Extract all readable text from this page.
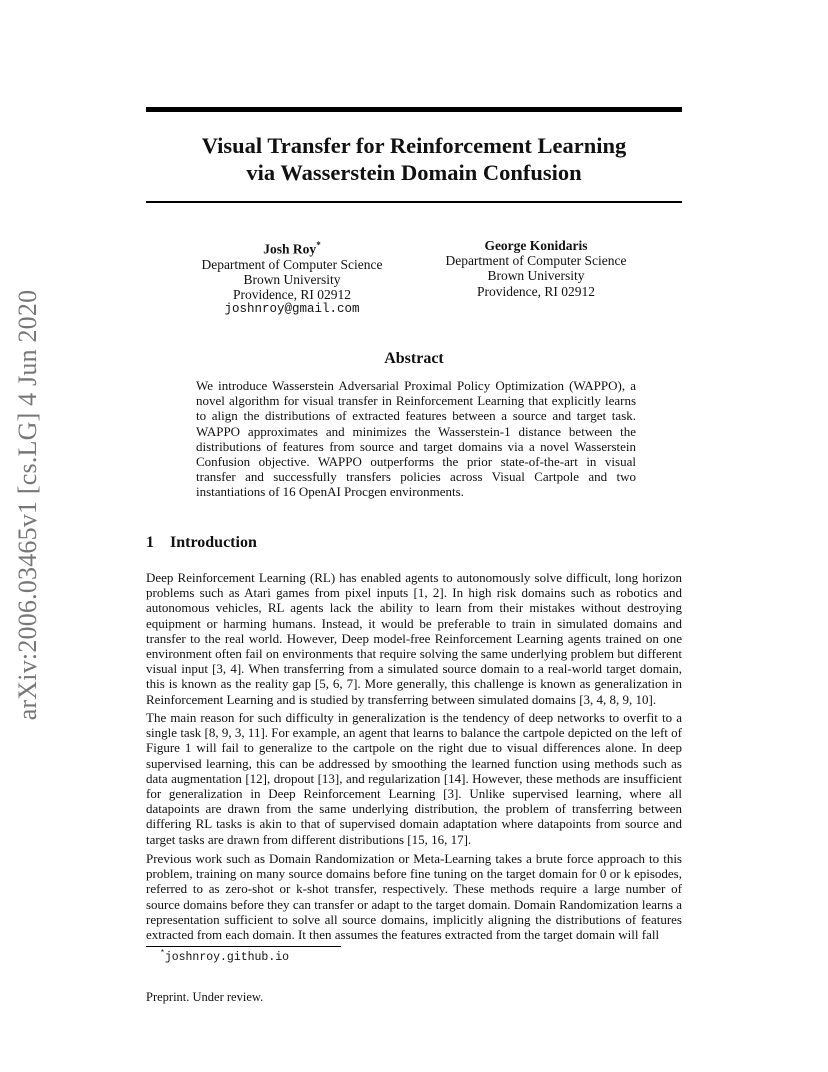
arXiv:2006.03465v1 [cs.LG] 4 Jun 2020
Visual Transfer for Reinforcement Learning
via Wasserstein Domain Confusion
Josh Roy*
Department of Computer Science
Brown University
Providence, RI 02912
joshnroy@gmail.com
George Konidaris
Department of Computer Science
Brown University
Providence, RI 02912
Abstract
We introduce Wasserstein Adversarial Proximal Policy Optimization (WAPPO), a novel algorithm for visual transfer in Reinforcement Learning that explicitly learns to align the distributions of extracted features between a source and target task. WAPPO approximates and minimizes the Wasserstein-1 distance between the distributions of features from source and target domains via a novel Wasserstein Confusion objective. WAPPO outperforms the prior state-of-the-art in visual transfer and successfully transfers policies across Visual Cartpole and two instantiations of 16 OpenAI Procgen environments.
1 Introduction
Deep Reinforcement Learning (RL) has enabled agents to autonomously solve difficult, long horizon problems such as Atari games from pixel inputs [1, 2]. In high risk domains such as robotics and autonomous vehicles, RL agents lack the ability to learn from their mistakes without destroying equipment or harming humans. Instead, it would be preferable to train in simulated domains and transfer to the real world. However, Deep model-free Reinforcement Learning agents trained on one environment often fail on environments that require solving the same underlying problem but different visual input [3, 4]. When transferring from a simulated source domain to a real-world target domain, this is known as the reality gap [5, 6, 7]. More generally, this challenge is known as generalization in Reinforcement Learning and is studied by transferring between simulated domains [3, 4, 8, 9, 10].
The main reason for such difficulty in generalization is the tendency of deep networks to overfit to a single task [8, 9, 3, 11]. For example, an agent that learns to balance the cartpole depicted on the left of Figure 1 will fail to generalize to the cartpole on the right due to visual differences alone. In deep supervised learning, this can be addressed by smoothing the learned function using methods such as data augmentation [12], dropout [13], and regularization [14]. However, these methods are insufficient for generalization in Deep Reinforcement Learning [3]. Unlike supervised learning, where all datapoints are drawn from the same underlying distribution, the problem of transferring between differing RL tasks is akin to that of supervised domain adaptation where datapoints from source and target tasks are drawn from different distributions [15, 16, 17].
Previous work such as Domain Randomization or Meta-Learning takes a brute force approach to this problem, training on many source domains before fine tuning on the target domain for 0 or k episodes, referred to as zero-shot or k-shot transfer, respectively. These methods require a large number of source domains before they can transfer or adapt to the target domain. Domain Randomization learns a representation sufficient to solve all source domains, implicitly aligning the distributions of features extracted from each domain. It then assumes the features extracted from the target domain will fall
*joshnroy.github.io
Preprint. Under review.
